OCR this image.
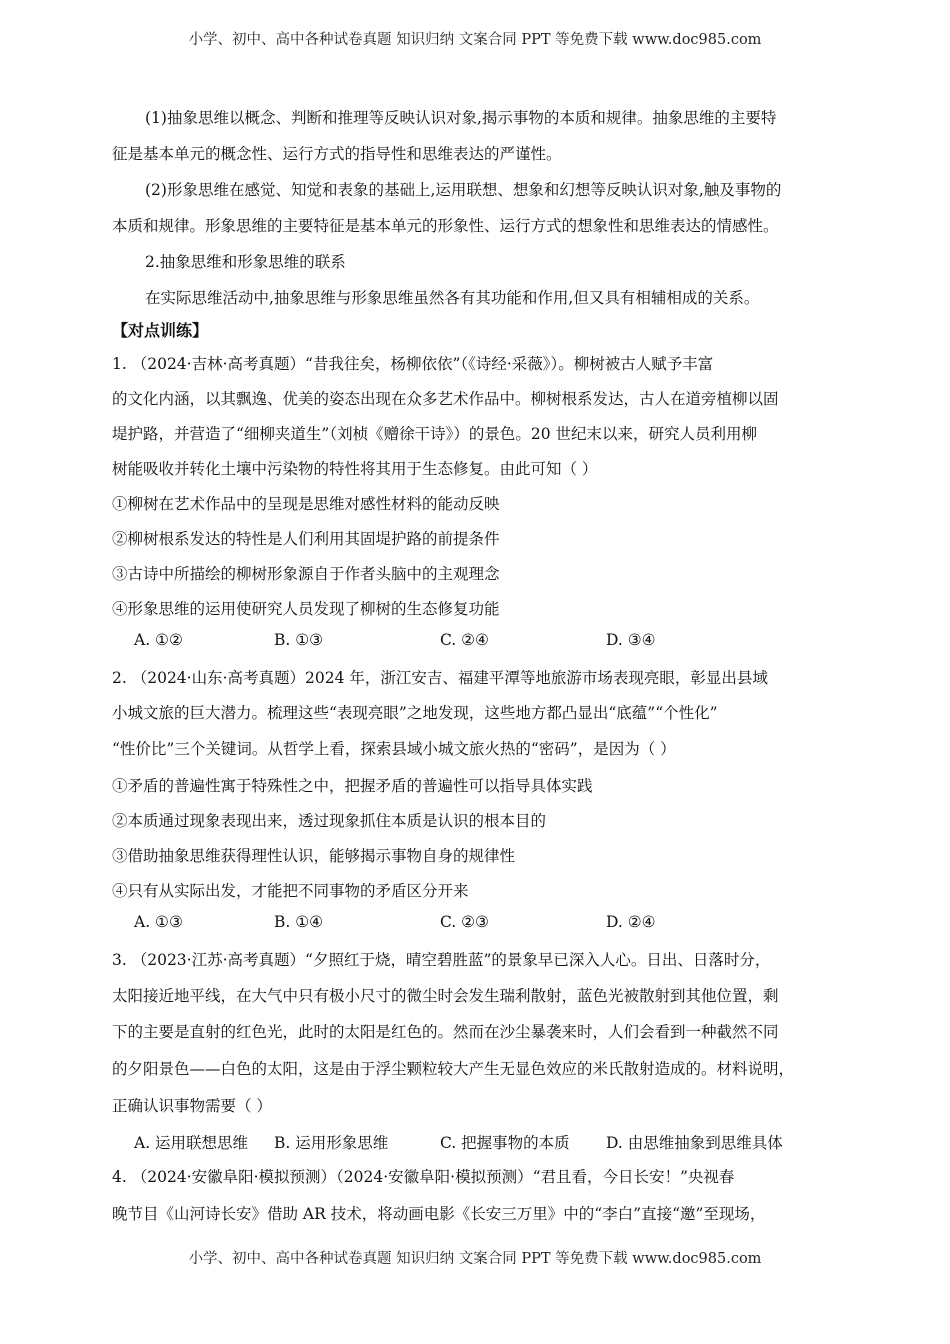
小学、初中、高中各种试卷真题 知识归纳 文案合同 PPT 等免费下载 www.doc985.com
(1)抽象思维以概念、判断和推理等反映认识对象,揭示事物的本质和规律。抽象思维的主要特
征是基本单元的概念性、运行方式的指导性和思维表达的严谨性。
(2)形象思维在感觉、知觉和表象的基础上,运用联想、想象和幻想等反映认识对象,触及事物的
本质和规律。形象思维的主要特征是基本单元的形象性、运行方式的想象性和思维表达的情感性。
2.抽象思维和形象思维的联系
在实际思维活动中,抽象思维与形象思维虽然各有其功能和作用,但又具有相辅相成的关系。
【对点训练】
1. （2024·吉林·高考真题）“昔我往矣，杨柳依依”（《诗经·采薇》）。柳树被古人赋予丰富
的文化内涵，以其飘逸、优美的姿态出现在众多艺术作品中。柳树根系发达，古人在道旁植柳以固
堤护路，并营造了“细柳夹道生”（刘桢《赠徐干诗》）的景色。20 世纪末以来，研究人员利用柳
树能吸收并转化土壤中污染物的特性将其用于生态修复。由此可知（ ）
①柳树在艺术作品中的呈现是思维对感性材料的能动反映
②柳树根系发达的特性是人们利用其固堤护路的前提条件
③古诗中所描绘的柳树形象源自于作者头脑中的主观理念
④形象思维的运用使研究人员发现了柳树的生态修复功能
A. ①②	B. ①③	C. ②④	D. ③④
2. （2024·山东·高考真题）2024 年，浙江安吉、福建平潭等地旅游市场表现亮眼，彰显出县域
小城文旅的巨大潜力。梳理这些“表现亮眼”之地发现，这些地方都凸显出“底蕴”“个性化”
“性价比”三个关键词。从哲学上看，探索县域小城文旅火热的“密码”，是因为（ ）
①矛盾的普遍性寓于特殊性之中，把握矛盾的普遍性可以指导具体实践
②本质通过现象表现出来，透过现象抓住本质是认识的根本目的
③借助抽象思维获得理性认识，能够揭示事物自身的规律性
④只有从实际出发，才能把不同事物的矛盾区分开来
A. ①③	B. ①④	C. ②③	D. ②④
3. （2023·江苏·高考真题）“夕照红于烧，晴空碧胜蓝”的景象早已深入人心。日出、日落时分，
太阳接近地平线，在大气中只有极小尺寸的微尘时会发生瑞利散射，蓝色光被散射到其他位置，剩
下的主要是直射的红色光，此时的太阳是红色的。然而在沙尘暴袭来时，人们会看到一种截然不同
的夕阳景色——白色的太阳，这是由于浮尘颗粒较大产生无显色效应的米氏散射造成的。材料说明，
正确认识事物需要（ ）
A. 运用联想思维 B. 运用形象思维	C. 把握事物的本质 D. 由思维抽象到思维具体
4. （2024·安徽阜阳·模拟预测）（2024·安徽阜阳·模拟预测）“君且看，今日长安！”央视春
晚节目《山河诗长安》借助 AR 技术，将动画电影《长安三万里》中的“李白”直接“邀”至现场，
小学、初中、高中各种试卷真题 知识归纳 文案合同 PPT 等免费下载 www.doc985.com
